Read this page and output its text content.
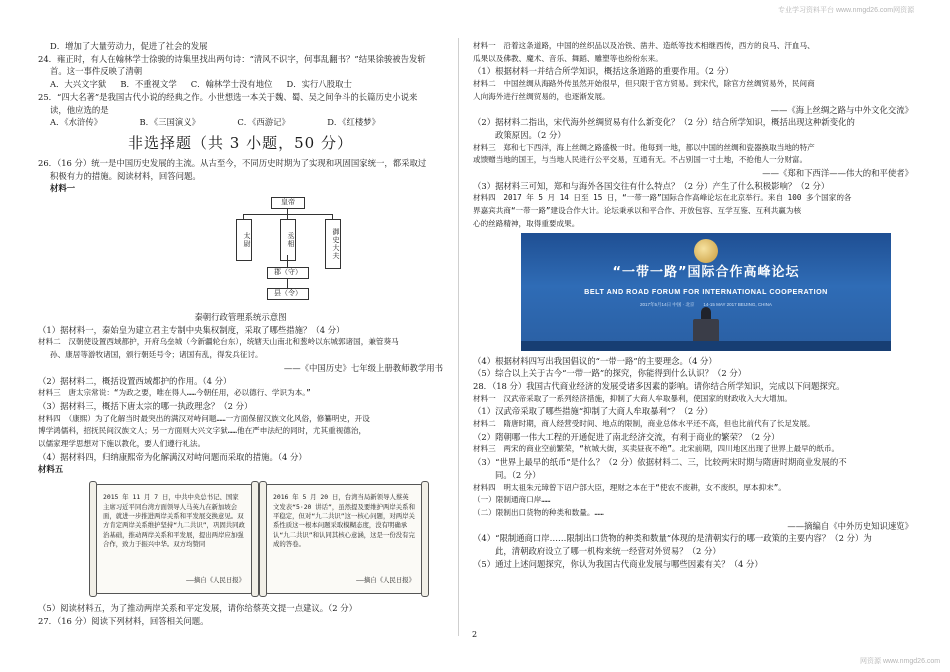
专业学习资料平台 www.nmgd26.com网资源
D．增加了大量劳动力，促进了社会的发展
24．雍正时，有人在翰林学士徐骏的诗集里找出两句诗：“清风不识字，何事乱翻书？”结果徐骏被告发斩
首。这一事件反映了清朝
A．大兴文字狱 B．不重视文学 C．翰林学士没有地位 D．实行八股取士
25．“四大名著”是我国古代小说的经典之作。小世想选一本关于魏、蜀、吴之间争斗的长篇历史小说来
读，他应选的是
A．《水浒传》	B．《三国演义》	C．《西游记》	D．《红楼梦》
非选择题（共 3 小题，50 分）
26．（16 分）统一是中国历史发展的主流。从古至今，不同历史时期为了实现和巩固国家统一，都采取过
积极有力的措施。阅读材料，回答问题。
材料一
皇帝
太尉	丞相	御史大夫
郡（守）
县（令）
秦朝行政管理系统示意图
（1）据材料一，秦始皇为建立君主专制中央集权制度，采取了哪些措施？（4 分）
材料二　汉朝使设置西域都护，开府乌垒城（今新疆轮台东），统辖天山南北和葱岭以东城郭诸国，兼管葵马
孙、康居等游牧诸国，颁行朝廷号令；诸国有乱，得发兵征讨。
——《中国历史》七年级上册教师教学用书
（2）据材料二，概括设置西域都护的作用。（4 分）
材料三　唐太宗常说：“为政之要，唯在得人……今朝任用，必以德行、学识为本。”
（3）据材料三，概括下唐太宗的哪一执政理念？（2 分）
材料四　（康熙）为了化解当时最突出的满汉对峙问题……一方面保留汉族文化风俗，修纂明史，开设
博学鸿儒科，招抚民间汉族文人；另一方面则大兴文字狱……他在严申法纪的同时，尤其重视德治，
以儒家理学思想对下施以教化，要人们遵行礼法。
（4）据材料四，归纳康熙帝为化解满汉对峙问题而采取的措施。（4 分）
材料五
2015 年 11 月 7 日，中共中央总书记、国家主席习近平同台湾方面领导人马英九在新加坡会面，就进一步推进两岸关系和平发展交换意见。双方肯定两岸关系维护坚持“九二共识”，巩固共同政治基础，推动两岸关系和平发展，提出两岸应加强合作，致力于振兴中华。双方均赞同
——摘自《人民日报》
2016 年 5 月 20 日，台湾当局新领导人蔡英文发表“5·20 讲话”，虽然提及要维护两岸关系和平稳定，但对“九二共识”这一核心问题，对两岸关系性质这一根本问题采取模糊态度，没有明确承认“九二共识”和认同其核心意涵，这是一份没有完成的答卷。
——摘自《人民日报》
（5）阅读材料五，为了推动两岸关系和平定发展，请你给蔡英文提一点建议。（2 分）
27．（16 分）阅读下列材料，回答相关问题。
材料一　沿着这条道路，中国的丝织品以及冶铁、凿井、造纸等技术相继西传，西方的良马、汗血马、
瓜果以及佛教、魔术、音乐、舞蹈、雕塑等也纷纷东来。
（1）根据材料一并结合所学知识，概括这条道路的重要作用。（2 分）
材料二　中国丝绸从海路外传虽然开始很早，但只限于官方贸易。到宋代，除官方丝绸贸易外，民间商
人向海外进行丝绸贸易的，也逐渐发展。
——《海上丝绸之路与中外文化交流》
（2）据材料二指出，宋代海外丝绸贸易有什么新变化？（2 分）结合所学知识，概括出现这种新变化的
政策原因。（2 分）
材料三　郑和七下西洋，海上丝绸之路盛极一时。他每到一地，都以中国的丝绸和瓷器换取当地的特产
或馈赠当地的国王，与当地人民进行公平交易，互通有无。不占别国一寸土地，不抢他人一分财富。
——《郑和下西洋——伟大的和平使者》
（3）据材料三可知，郑和与海外各国交往有什么特点？（2 分）产生了什么积极影响？（2 分）
材料四　2017 年 5 月 14 日至 15 日，“一带一路”国际合作高峰论坛在北京举行。来自 100 多个国家的各
界嘉宾共商“一带一路”建设合作大计。论坛秉承以和平合作、开放包容、互学互鉴、互利共赢为核
心的丝路精神，取得重要成果。
“一带一路”国际合作高峰论坛
BELT AND ROAD FORUM FOR INTERNATIONAL COOPERATION
2017年5月14日 中国 · 北京　　14-15 MAY 2017 BEIJING, CHINA
（4）根据材料四写出我国倡议的“一带一路”的主要理念。（4 分）
（5）综合以上关于古今“一带一路”的探究，你能得到什么认识？（2 分）
28．（18 分）我国古代商业经济的发展受诸多因素的影响。请你结合所学知识，完成以下问题探究。
材料一　汉武帝采取了一系列经济措施，抑制了大商人牟取暴利，使国家的财政收入大大增加。
（1）汉武帝采取了哪些措施“抑制了大商人牟取暴利”？（2 分）
材料二　隋唐时期，商人经营受时间、地点的限制，商业总体水平还不高，但也比前代有了长足发展。
（2）隋朝哪一伟大工程的开通促进了南北经济交流，有利于商业的繁荣？（2 分）
材料三　两宋的商业空前繁荣，“杭城大街，买卖昼夜不绝”。北宋前期，四川地区出现了世界上最早的纸币。
（3）“世界上最早的纸币”是什么？（2 分）依据材料二、三，比较两宋时期与隋唐时期商业发展的不
同。（2 分）
材料四　明太祖朱元璋曾下诏户部大臣，理财之本在于“使农不废耕，女不废织，厚本抑末”。
（一）限制通商口岸……
（二）限制出口货物的种类和数量。……
——摘编自《中外历史知识速览》
（4）“限制通商口岸……限制出口货物的种类和数量”体现的是清朝实行的哪一政策的主要内容？（2 分）为
此，清朝政府设立了哪一机构来统一经营对外贸易？（2 分）
（5）通过上述问题探究，你认为我国古代商业发展与哪些因素有关？（4 分）
2
网资源 www.nmgd26.com
